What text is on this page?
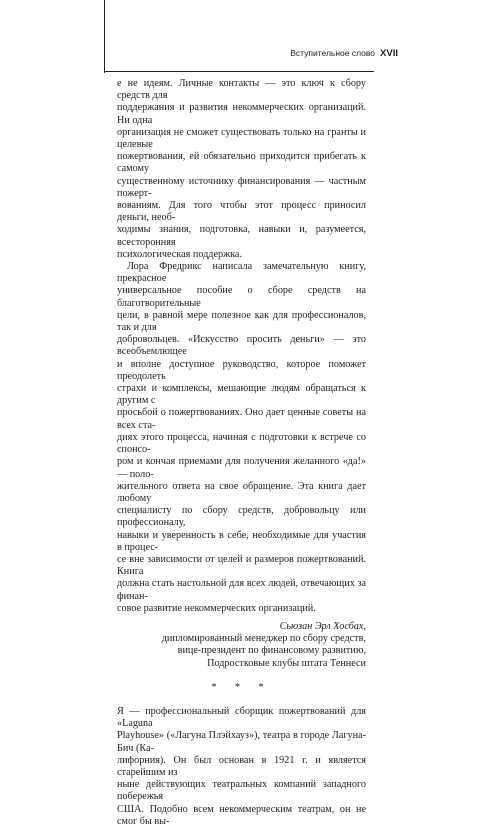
Вступительное слово XVII

е не идеям. Личные контакты — это ключ к сбору средств для
поддержания и развития некоммерческих организаций. Ни одна
организация не сможет существовать только на гранты и целевые
пожертвования, ей обязательно приходится прибегать к самому
существенному источнику финансирования — частным пожерт-
вованиям. Для того чтобы этот процесс приносил деньги, необ-
ходимы знания, подготовка, навыки и, разумеется, всесторонняя
психологическая поддержка.

Лора Фредрикс написала замечательную книгу, прекрасное
универсальное пособие о сборе средств на благотворительные
цели, в равной мере полезное как для профессионалов, так и для
добровольцев. «Искусство просить деньги» — это всеобъемлющее
и вполне доступное руководство, которое поможет преодолеть
страхи и комплексы, мешающие людям обращаться к другим с
просьбой о пожертвованиях. Оно дает ценные советы на всех ста-
диях этого процесса, начиная с подготовки к встрече со спонсо-
ром и кончая приемами для получения желанного «да!» — поло-
жительного ответа на свое обращение. Эта книга дает любому
специалисту по сбору средств, добровольцу или профессионалу,
навыки и уверенность в себе, необходимые для участия в процес-
се вне зависимости от целей и размеров пожертвований. Книга
должна стать настольной для всех людей, отвечающих за финан-
совое развитие некоммерческих организаций.

Сьюзан Эрл Хосбах,
дипломированный менеджер по сбору средств,
вице-президент по финансовому развитию,
Подростковые клубы штата Теннеси
* * *

Я — профессиональный сборщик пожертвований для «Laguna
Playhouse» («Лагуна Плэйхауз»), театра в городе Лагуна-Бич (Ка-
лифорния). Он был основан в 1921 г. и является старейшим из
ныне действующих театральных компаний западного побережья
США. Подобно всем некоммерческим театрам, он не смог бы вы-
